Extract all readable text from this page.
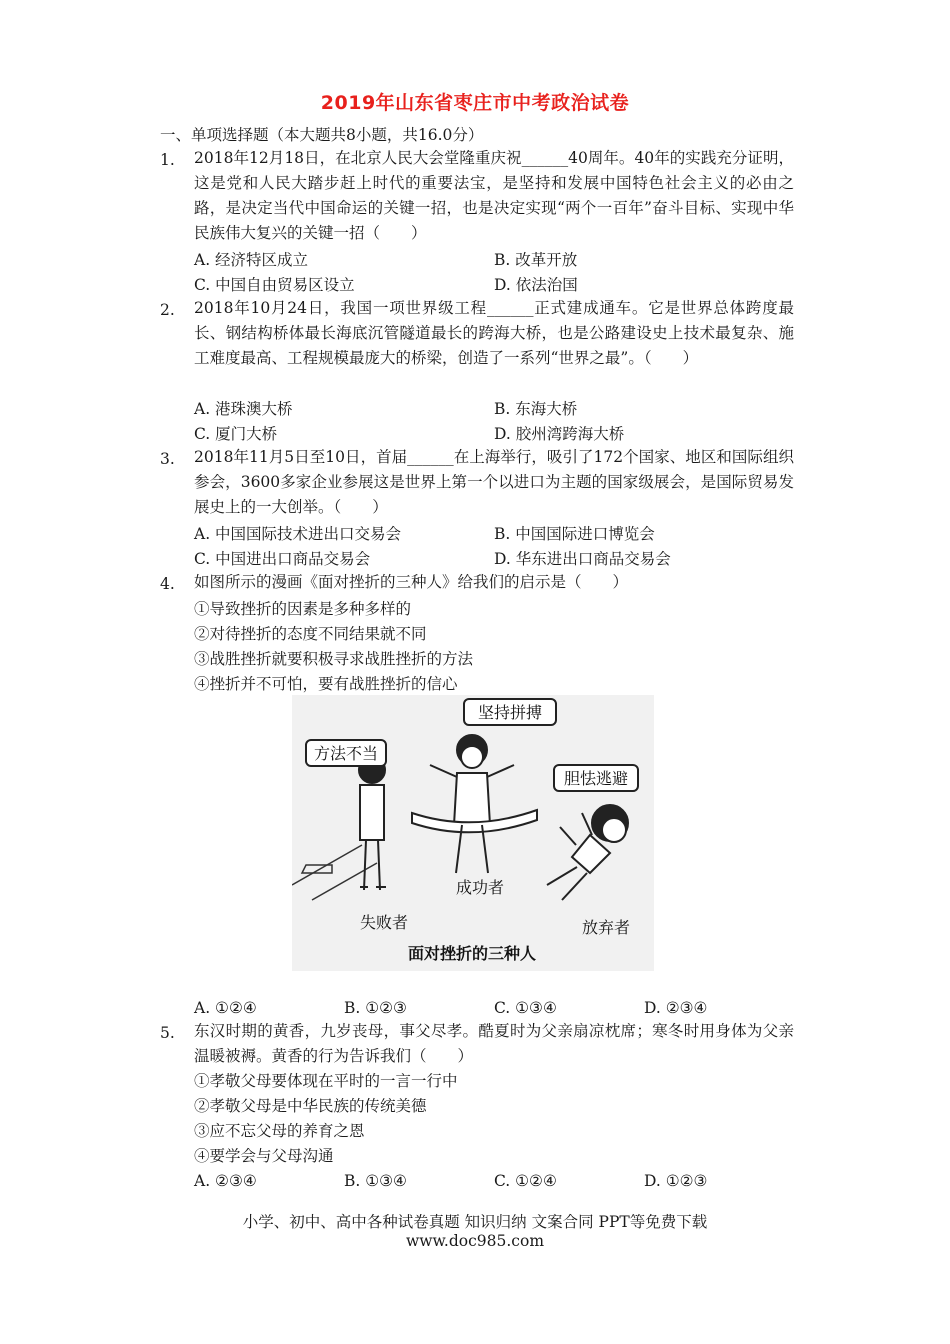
2019年山东省枣庄市中考政治试卷
一、单项选择题（本大题共8小题，共16.0分）
1. 2018年12月18日，在北京人民大会堂隆重庆祝______40周年。40年的实践充分证明，这是党和人民大踏步赶上时代的重要法宝，是坚持和发展中国特色社会主义的必由之路，是决定当代中国命运的关键一招，也是决定实现“两个一百年”奋斗目标、实现中华民族伟大复兴的关键一招（　　）
A. 经济特区成立	B. 改革开放
C. 中国自由贸易区设立	D. 依法治国
2. 2018年10月24日，我国一项世界级工程______正式建成通车。它是世界总体跨度最长、钢结构桥体最长海底沉管隧道最长的跨海大桥，也是公路建设史上技术最复杂、施工难度最高、工程规模最庞大的桥梁，创造了一系列“世界之最”。（　　）
A. 港珠澳大桥	B. 东海大桥
C. 厦门大桥	D. 胶州湾跨海大桥
3. 2018年11月5日至10日，首届______在上海举行，吸引了172个国家、地区和国际组织参会，3600多家企业参展这是世界上第一个以进口为主题的国家级展会，是国际贸易发展史上的一大创举。（　　）
A. 中国国际技术进出口交易会	B. 中国国际进口博览会
C. 中国进出口商品交易会	D. 华东进出口商品交易会
4. 如图所示的漫画《面对挫折的三种人》给我们的启示是（　　）
①导致挫折的因素是多种多样的
②对待挫折的态度不同结果就不同
③战胜挫折就要积极寻求战胜挫折的方法
④挫折并不可怕，要有战胜挫折的信心
方法不当
坚持拼搏
胆怯逃避
失败者
成功者
放弃者
面对挫折的三种人
A. ①②④	B. ①②③	C. ①③④	D. ②③④
5. 东汉时期的黄香，九岁丧母，事父尽孝。酷夏时为父亲扇凉枕席；寒冬时用身体为父亲温暖被褥。黄香的行为告诉我们（　　）
①孝敬父母要体现在平时的一言一行中
②孝敬父母是中华民族的传统美德
③应不忘父母的养育之恩
④要学会与父母沟通
A. ②③④	B. ①③④	C. ①②④	D. ①②③
小学、初中、高中各种试卷真题 知识归纳 文案合同 PPT等免费下载
www.doc985.com
